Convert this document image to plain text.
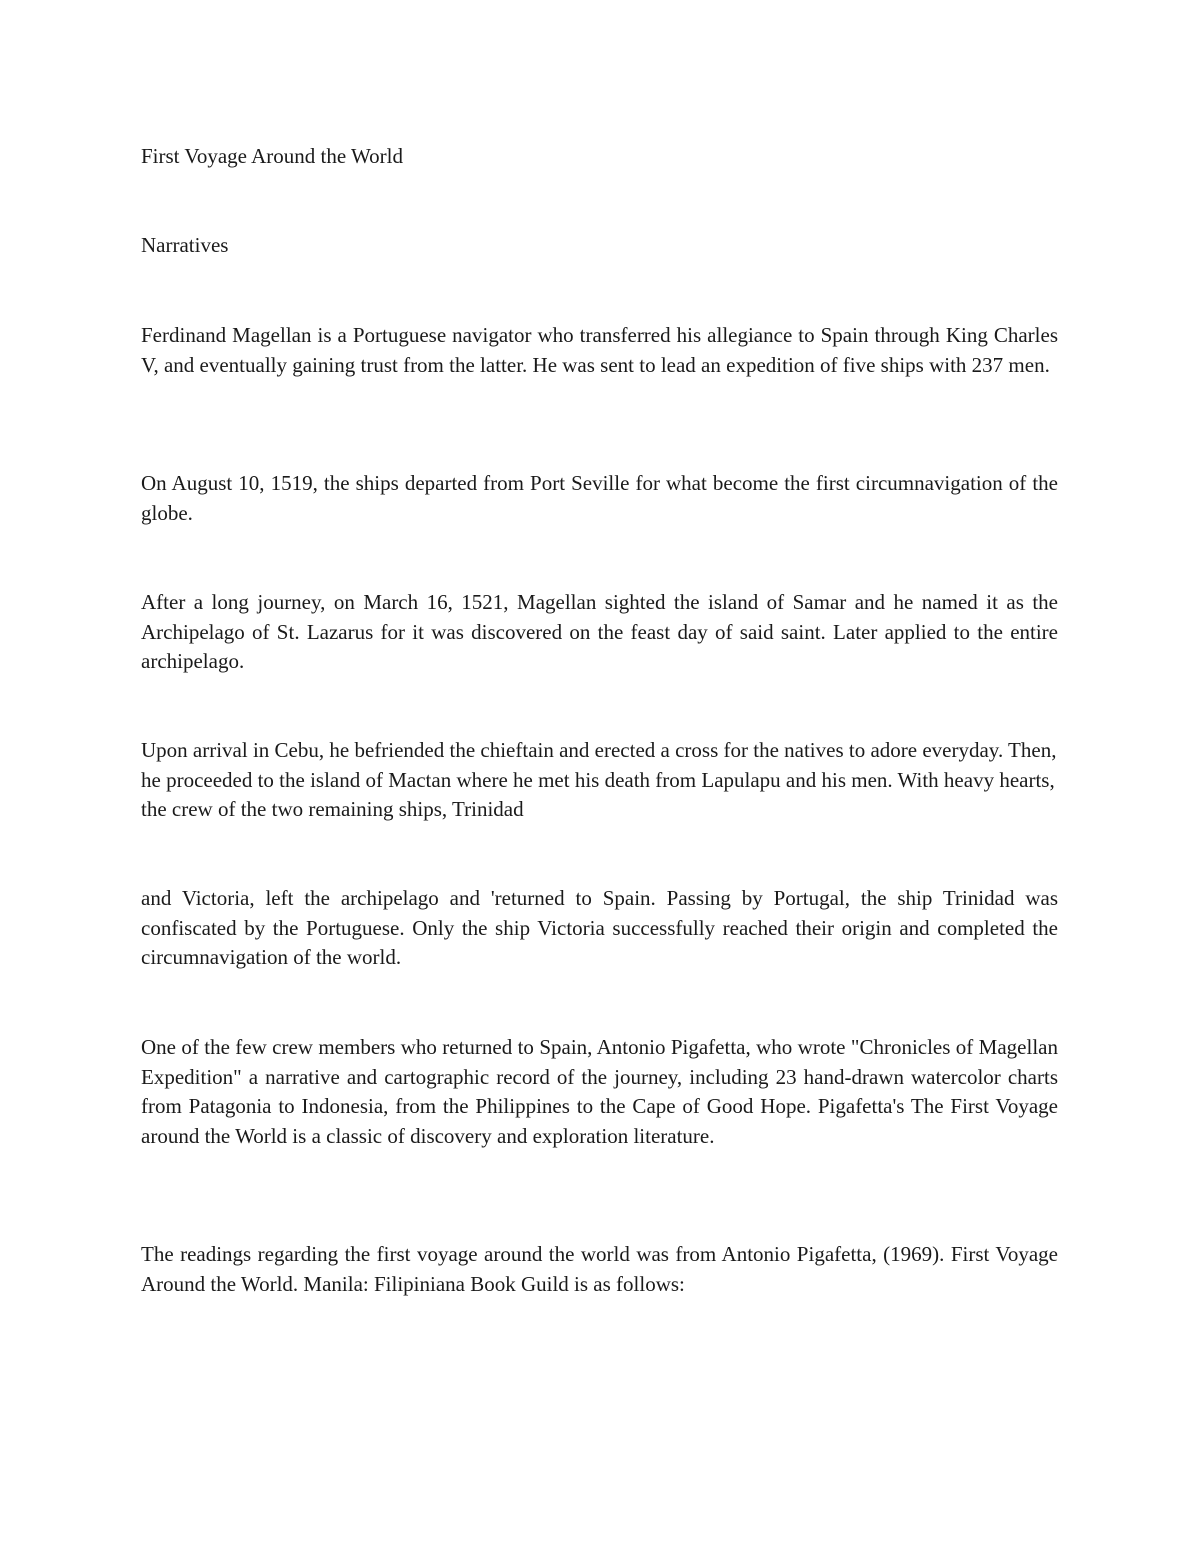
First Voyage Around the World

Narratives

Ferdinand Magellan is a Portuguese navigator who transferred his allegiance to Spain through King Charles V, and eventually gaining trust from the latter. He was sent to lead an expedition of five ships with 237 men.

On August 10, 1519, the ships departed from Port Seville for what become the first circumnavigation of the globe.

After a long journey, on March 16, 1521, Magellan sighted the island of Samar and he named it as the Archipelago of St. Lazarus for it was discovered on the feast day of said saint. Later applied to the entire archipelago.

Upon arrival in Cebu, he befriended the chieftain and erected a cross for the natives to adore everyday. Then, he proceeded to the island of Mactan where he met his death from Lapulapu and his men. With heavy hearts, the crew of the two remaining ships, Trinidad

and Victoria, left the archipelago and 'returned to Spain. Passing by Portugal, the ship Trinidad was confiscated by the Portuguese. Only the ship Victoria successfully reached their origin and completed the circumnavigation of the world.

One of the few crew members who returned to Spain, Antonio Pigafetta, who wrote "Chronicles of Magellan Expedition" a narrative and cartographic record of the journey, including 23 hand-drawn watercolor charts from Patagonia to Indonesia, from the Philippines to the Cape of Good Hope. Pigafetta's The First Voyage around the World is a classic of discovery and exploration literature.

The readings regarding the first voyage around the world was from Antonio Pigafetta, (1969). First Voyage Around the World. Manila: Filipiniana Book Guild is as follows:
